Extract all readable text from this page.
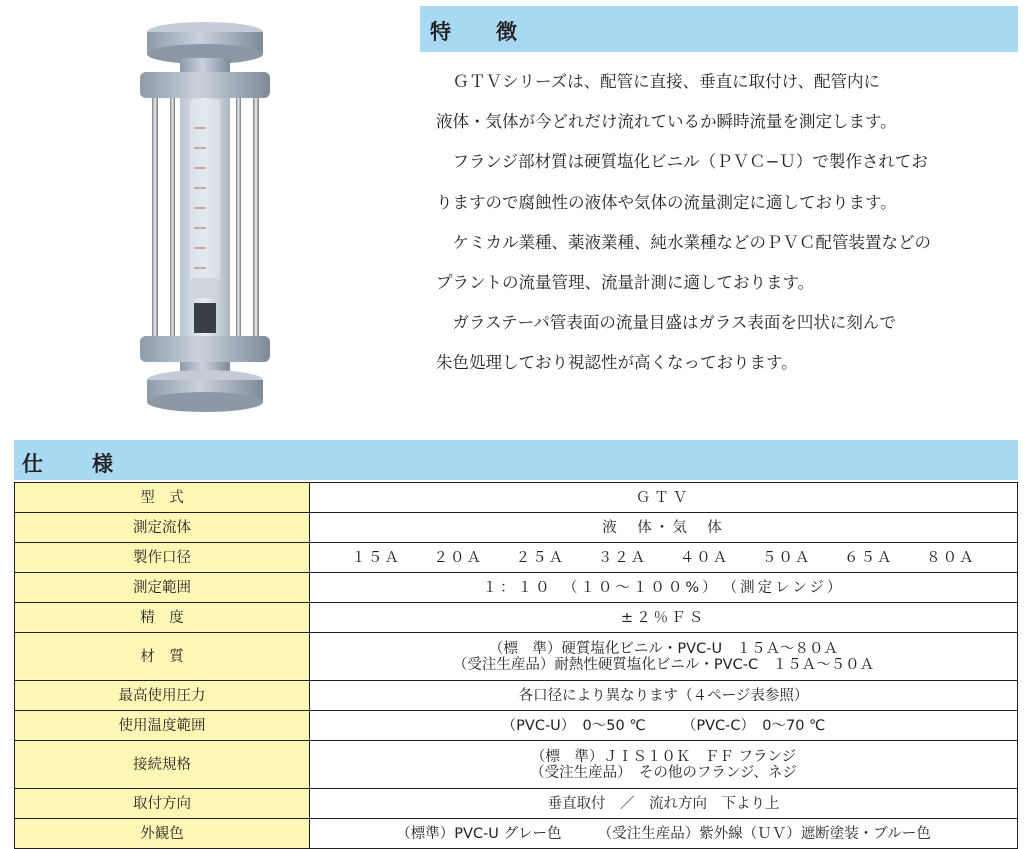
特　徴

　ＧＴＶシリーズは、配管に直接、垂直に取付け、配管内に

液体・気体が今どれだけ流れているか瞬時流量を測定します。

　フランジ部材質は硬質塩化ビニル（ＰＶＣ−Ｕ）で製作されてお

りますので腐蝕性の液体や気体の流量測定に適しております。

　ケミカル業種、薬液業種、純水業種などのＰＶＣ配管装置などの

プラントの流量管理、流量計測に適しております。

　ガラステーパ管表面の流量目盛はガラス表面を凹状に刻んで

朱色処理しており視認性が高くなっております。

仕　様
型　式	ＧＴＶ
測定流体	液　体・気　体
製作口径	１５Ａ ２０Ａ ２５Ａ ３２Ａ ４０Ａ ５０Ａ ６５Ａ ８０Ａ
測定範囲	１：１０　（１０〜１００%）　（測定レンジ）
精　度	±２％ＦＳ
材　質	（標　準）硬質塩化ビニル・PVC-U　１５Ａ〜８０Ａ
（受注生産品）耐熱性硬質塩化ビニル・PVC-C　１５Ａ〜５０Ａ

最高使用圧力	各口径により異なります（４ページ表参照）
使用温度範囲	（PVC-U）　0〜50 ℃　　　（PVC-C）　0〜70 ℃
接続規格	（標　準）ＪＩＳ１０Ｋ　ＦＦ フランジ
（受注生産品）　その他のフランジ、ネジ

取付方向	垂直取付　／　流れ方向　下より上
外観色	（標準）PVC-U グレー色　　　（受注生産品）紫外線（ＵＶ）遮断塗装・ブルー色
